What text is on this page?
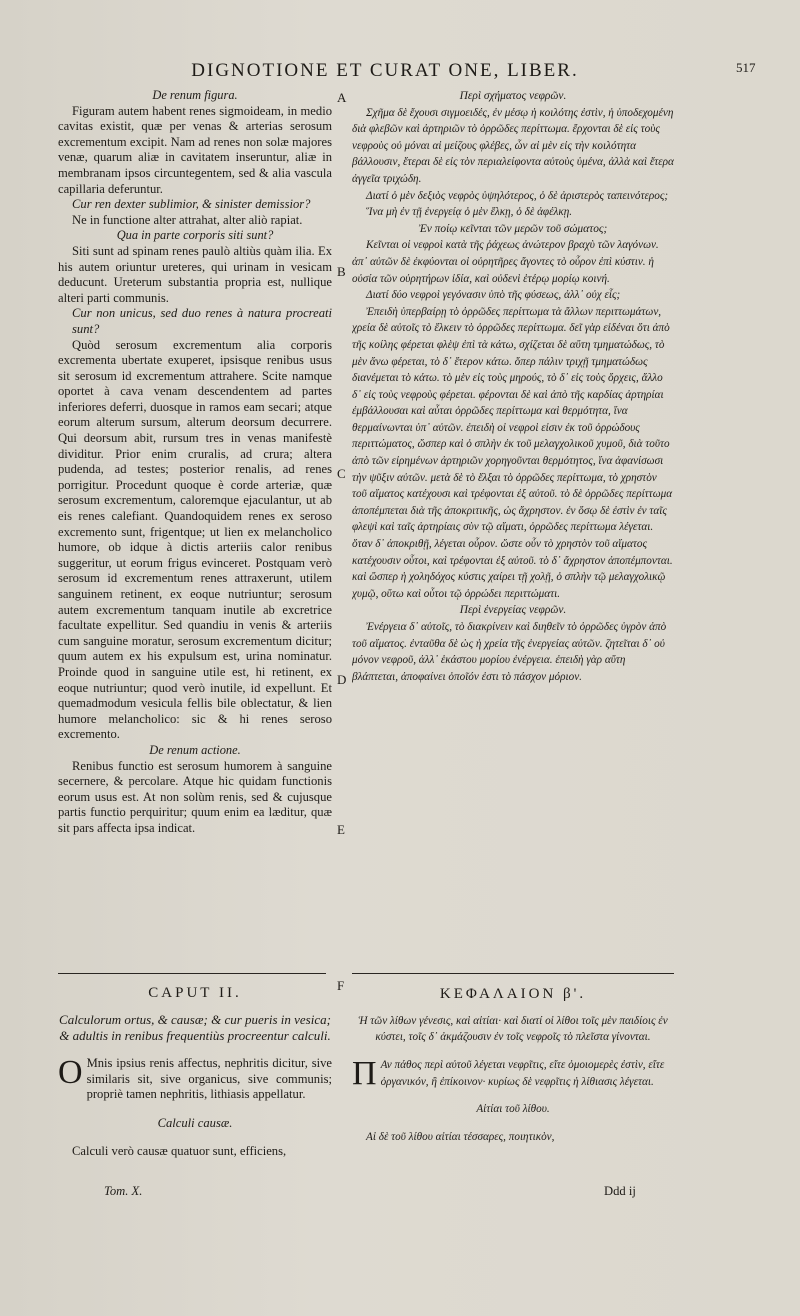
DIGNOTIONE ET CURAT ONE, LIBER.	517
A
B
C
D
E
F
De renum figura.

Figuram autem habent renes sigmoideam, in medio cavitas existit, quæ per venas & arterias serosum excrementum excipit. Nam ad renes non solæ majores venæ, quarum aliæ in cavitatem inseruntur, aliæ in membranam ipsos circuntegentem, sed & alia vascula capillaria deferuntur.

Cur ren dexter sublimior, & sinister demissior?

Ne in functione alter attrahat, alter aliò rapiat.

Qua in parte corporis siti sunt?

Siti sunt ad spinam renes paulò altiùs quàm ilia. Ex his autem oriuntur ureteres, qui urinam in vesicam deducunt. Ureterum substantia propria est, nullique alteri parti communis.

Cur non unicus, sed duo renes à natura procreati sunt?

Quòd serosum excrementum alia corporis excrementa ubertate exuperet, ipsisque renibus usus sit serosum id excrementum attrahere. Scite namque oportet à cava venam descendentem ad partes inferiores deferri, duosque in ramos eam secari; atque eorum alterum sursum, alterum deorsum decurrere. Qui deorsum abit, rursum tres in venas manifestè dividitur. Prior enim cruralis, ad crura; altera pudenda, ad testes; posterior renalis, ad renes porrigitur. Procedunt quoque è corde arteriæ, quæ serosum excrementum, caloremque ejaculantur, ut ab eis renes calefiant. Quandoquidem renes ex seroso excremento sunt, frigentque; ut lien ex melancholico humore, ob idque à dictis arteriis calor renibus suggeritur, ut eorum frigus evinceret. Postquam verò serosum id excrementum renes attraxerunt, utilem sanguinem retinent, ex eoque nutriuntur; serosum autem excrementum tanquam inutile ab excretrice facultate expellitur. Sed quandiu in venis & arteriis cum sanguine moratur, serosum excrementum dicitur; quum autem ex his expulsum est, urina nominatur. Proinde quod in sanguine utile est, hi retinent, ex eoque nutriuntur; quod verò inutile, id expellunt. Et quemadmodum vesicula fellis bile oblectatur, & lien humore melancholico: sic & hi renes seroso excremento.

De renum actione.

Renibus functio est serosum humorem à sanguine secernere, & percolare. Atque hic quidam functionis eorum usus est. At non solùm renis, sed & cujusque partis functio perquiritur; quum enim ea læditur, quæ sit pars affecta ipsa indicat.

Περὶ σχήματος νεφρῶν.

Σχῆμα δὲ ἔχουσι σιγμοειδές, ἐν μέσῳ ἡ κοιλότης ἐστὶν, ἡ ὑποδεχομένη διὰ φλεβῶν καὶ ἀρτηριῶν τὸ ὀρρῶδες περίττωμα. ἔρχονται δὲ εἰς τοὺς νεφροὺς οὐ μόναι αἱ μείζους φλέβες, ὧν αἱ μὲν εἰς τὴν κοιλότητα βάλλουσιν, ἕτεραι δὲ εἰς τὸν περιαλείφοντα αὐτοὺς ὑμένα, ἀλλὰ καὶ ἕτερα ἀγγεῖα τριχώδη.

Διατί ὁ μὲν δεξιὸς νεφρὸς ὑψηλότερος, ὁ δὲ ἀριστερὸς ταπεινότερος;

Ἵνα μὴ ἐν τῇ ἐνεργείᾳ ὁ μὲν ἕλκῃ, ὁ δὲ ἀφέλκῃ.

Ἐν ποίῳ κεῖνται τῶν μερῶν τοῦ σώματος;

Κεῖνται οἱ νεφροὶ κατὰ τῆς ῥάχεως ἀνώτερον βραχὺ τῶν λαγόνων. ἀπ᾽ αὐτῶν δὲ ἐκφύονται οἱ οὐρητῆρες ἄγοντες τὸ οὖρον ἐπὶ κύστιν. ἡ οὐσία τῶν οὐρητήρων ἰδία, καὶ οὐδενὶ ἑτέρῳ μορίῳ κοινή.

Διατί δύο νεφροὶ γεγόνασιν ὑπὸ τῆς φύσεως, ἀλλ᾽ οὐχ εἷς;

Ἐπειδὴ ὑπερβαίρῃ τὸ ὀρρῶδες περίττωμα τὰ ἄλλων περιττωμάτων, χρεία δὲ αὐτοῖς τὸ ἕλκειν τὸ ὀρρῶδες περίττωμα. δεῖ γὰρ εἰδέναι ὅτι ἀπὸ τῆς κοίλης φέρεται φλὲψ ἐπὶ τὰ κάτω, σχίζεται δὲ αὕτη τμηματώδως, τὸ μὲν ἄνω φέρεται, τὸ δ᾽ ἕτερον κάτω. ὅπερ πάλιν τριχῇ τμηματώδως διανέμεται τὸ κάτω. τὸ μὲν εἰς τοὺς μηρούς, τὸ δ᾽ εἰς τοὺς ὄρχεις, ἄλλο δ᾽ εἰς τοὺς νεφροὺς φέρεται. φέρονται δὲ καὶ ἀπὸ τῆς καρδίας ἀρτηρίαι ἐμβάλλουσαι καὶ αὗται ὀρρῶδες περίττωμα καὶ θερμότητα, ἵνα θερμαίνωνται ὑπ᾽ αὐτῶν. ἐπειδὴ οἱ νεφροὶ εἰσιν ἐκ τοῦ ὀρρώδους περιττώματος, ὥσπερ καὶ ὁ σπλὴν ἐκ τοῦ μελαγχολικοῦ χυμοῦ, διὰ τοῦτο ἀπὸ τῶν εἰρημένων ἀρτηριῶν χορηγοῦνται θερμότητος, ἵνα ἀφανίσωσι τὴν ψῦξιν αὐτῶν. μετὰ δὲ τὸ ἕλξαι τὸ ὀρρῶδες περίττωμα, τὸ χρηστὸν τοῦ αἵματος κατέχουσι καὶ τρέφονται ἐξ αὐτοῦ. τὸ δὲ ὀρρῶδες περίττωμα ἀποπέμπεται διὰ τῆς ἀποκριτικῆς, ὡς ἄχρηστον. ἐν ὅσῳ δὲ ἐστὶν ἐν ταῖς φλεψὶ καὶ ταῖς ἀρτηρίαις σὺν τῷ αἵματι, ὀρρῶδες περίττωμα λέγεται. ὅταν δ᾽ ἀποκριθῇ, λέγεται οὖρον. ὥστε οὖν τὸ χρηστὸν τοῦ αἵματος κατέχουσιν οὗτοι, καὶ τρέφονται ἐξ αὐτοῦ. τὸ δ᾽ ἄχρηστον ἀποπέμπονται. καὶ ὥσπερ ἡ χοληδόχος κύστις χαίρει τῇ χολῇ, ὁ σπλὴν τῷ μελαγχολικῷ χυμῷ, οὕτω καὶ οὗτοι τῷ ὀρρώδει περιττώματι.

Περὶ ἐνεργείας νεφρῶν.

Ἐνέργεια δ᾽ αὐτοῖς, τὸ διακρίνειν καὶ διηθεῖν τὸ ὀρρῶδες ὑγρὸν ἀπὸ τοῦ αἵματος. ἐνταῦθα δὲ ὡς ἡ χρεία τῆς ἐνεργείας αὐτῶν. ζητεῖται δ᾽ οὐ μόνον νεφροῦ, ἀλλ᾽ ἑκάστου μορίου ἐνέργεια. ἐπειδὴ γὰρ αὕτη βλάπτεται, ἀποφαίνει ὁποῖόν ἐστι τὸ πάσχον μόριον.

CAPUT II.
Calculorum ortus, & causæ; & cur pueris in vesica; & adultis in renibus frequentiùs procreentur calculi.

O Mnis ipsius renis affectus, nephritis dicitur, sive similaris sit, sive organicus, sive communis; propriè tamen nephritis, lithiasis appellatur.

Calculi causæ.

Calculi verò causæ quatuor sunt, efficiens,

ΚΕΦΑΛΑΙΟΝ β'.
Ἡ τῶν λίθων γένεσις, καὶ αἰτίαι· καὶ διατί οἱ λίθοι τοῖς μὲν παιδίοις ἐν κύστει, τοῖς δ᾽ ἀκμάζουσιν ἐν τοῖς νεφροῖς τὸ πλεῖστα γίνονται.

Π Αν πάθος περὶ αὐτοῦ λέγεται νεφρῖτις, εἴτε ὁμοιομερὲς ἐστὶν, εἴτε ὀργανικόν, ἢ ἐπίκοινον· κυρίως δὲ νεφρῖτις ἡ λίθιασις λέγεται.

Αἰτίαι τοῦ λίθου.

Αἱ δὲ τοῦ λίθου αἰτίαι τέσσαρες, ποιητικὸν,

Tom. X.	Ddd ij
